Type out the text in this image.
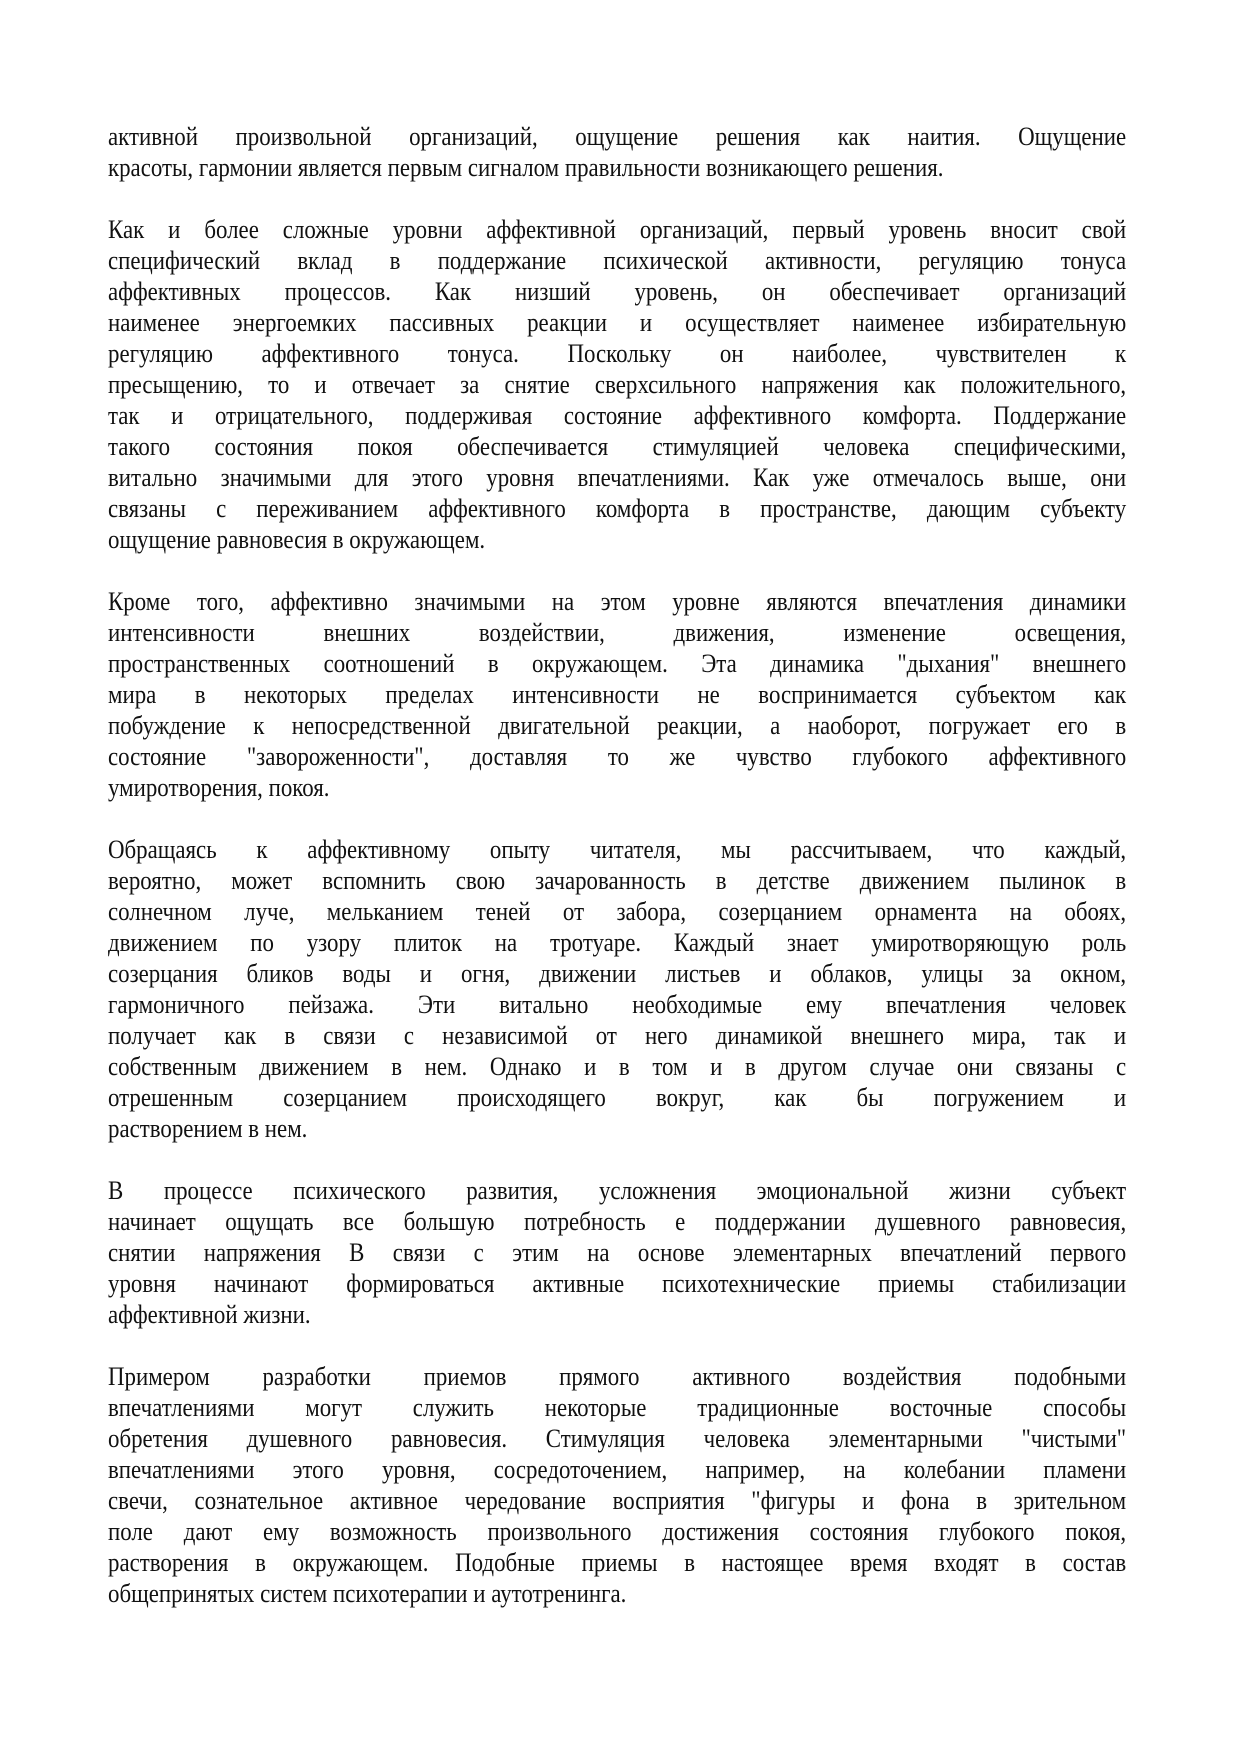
активной произвольной организаций, ощущение решения как наития. Ощущение
красоты, гармонии является первым сигналом правильности возникающего решения.
Как и более сложные уровни аффективной организаций, первый уровень вносит свой
специфический вклад в поддержание психической активности, регуляцию тонуса
аффективных процессов. Как низший уровень, он обеспечивает организаций
наименее энергоемких пассивных реакции и осуществляет наименее избирательную
регуляцию аффективного тонуса. Поскольку он наиболее, чувствителен к
пресыщению, то и отвечает за снятие сверхсильного напряжения как положительного,
так и отрицательного, поддерживая состояние аффективного комфорта. Поддержание
такого состояния покоя обеспечивается стимуляцией человека специфическими,
витально значимыми для этого уровня впечатлениями. Как уже отмечалось выше, они
связаны с переживанием аффективного комфорта в пространстве, дающим субъекту
ощущение равновесия в окружающем.
Кроме того, аффективно значимыми на этом уровне являются впечатления динамики
интенсивности внешних воздействии, движения, изменение освещения,
пространственных соотношений в окружающем. Эта динамика "дыхания" внешнего
мира в некоторых пределах интенсивности не воспринимается субъектом как
побуждение к непосредственной двигательной реакции, а наоборот, погружает его в
состояние "завороженности", доставляя то же чувство глубокого аффективного
умиротворения, покоя.
Обращаясь к аффективному опыту читателя, мы рассчитываем, что каждый,
вероятно, может вспомнить свою зачарованность в детстве движением пылинок в
солнечном луче, мельканием теней от забора, созерцанием орнамента на обоях,
движением по узору плиток на тротуаре. Каждый знает умиротворяющую роль
созерцания бликов воды и огня, движении листьев и облаков, улицы за окном,
гармоничного пейзажа. Эти витально необходимые ему впечатления человек
получает как в связи с независимой от него динамикой внешнего мира, так и
собственным движением в нем. Однако и в том и в другом случае они связаны с
отрешенным созерцанием происходящего вокруг, как бы погружением и
растворением в нем.
В процессе психического развития, усложнения эмоциональной жизни субъект
начинает ощущать все большую потребность е поддержании душевного равновесия,
снятии напряжения В связи с этим на основе элементарных впечатлений первого
уровня начинают формироваться активные психотехнические приемы стабилизации
аффективной жизни.
Примером разработки приемов прямого активного воздействия подобными
впечатлениями могут служить некоторые традиционные восточные способы
обретения душевного равновесия. Стимуляция человека элементарными "чистыми"
впечатлениями этого уровня, сосредоточением, например, на колебании пламени
свечи, сознательное активное чередование восприятия "фигуры и фона в зрительном
поле дают ему возможность произвольного достижения состояния глубокого покоя,
растворения в окружающем. Подобные приемы в настоящее время входят в состав
общепринятых систем психотерапии и аутотренинга.
